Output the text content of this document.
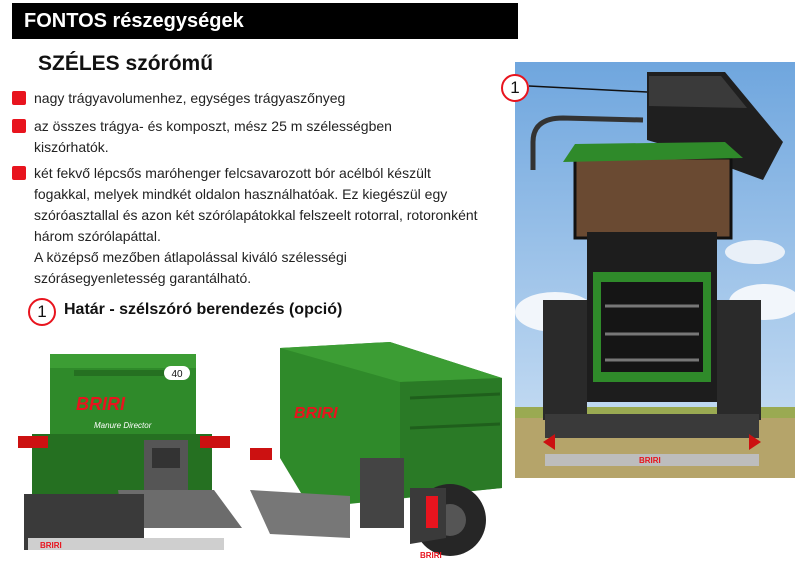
FONTOS részegységek
SZÉLES szórómű
nagy trágyavolumenhez, egységes trágyaszőnyeg
az összes trágya- és komposzt, mész 25 m szélességben kiszórhatók.
két fekvő lépcsős maróhenger felcsavarozott bór acélból készült fogakkal, melyek mindkét oldalon használhatóak. Ez kiegészül egy szóróasztallal és azon két szórólapátokkal felszeelt rotorral, rotoronként három szórólapáttal.
A középső mezőben átlapolással kiváló szélességi szórásegyenletesség garantálható.
1	Határ - szélszóró berendezés (opció)
40
BRIRI
Manure Director
BRIRI
BRIRI
BRIRI
BRIRI
1
